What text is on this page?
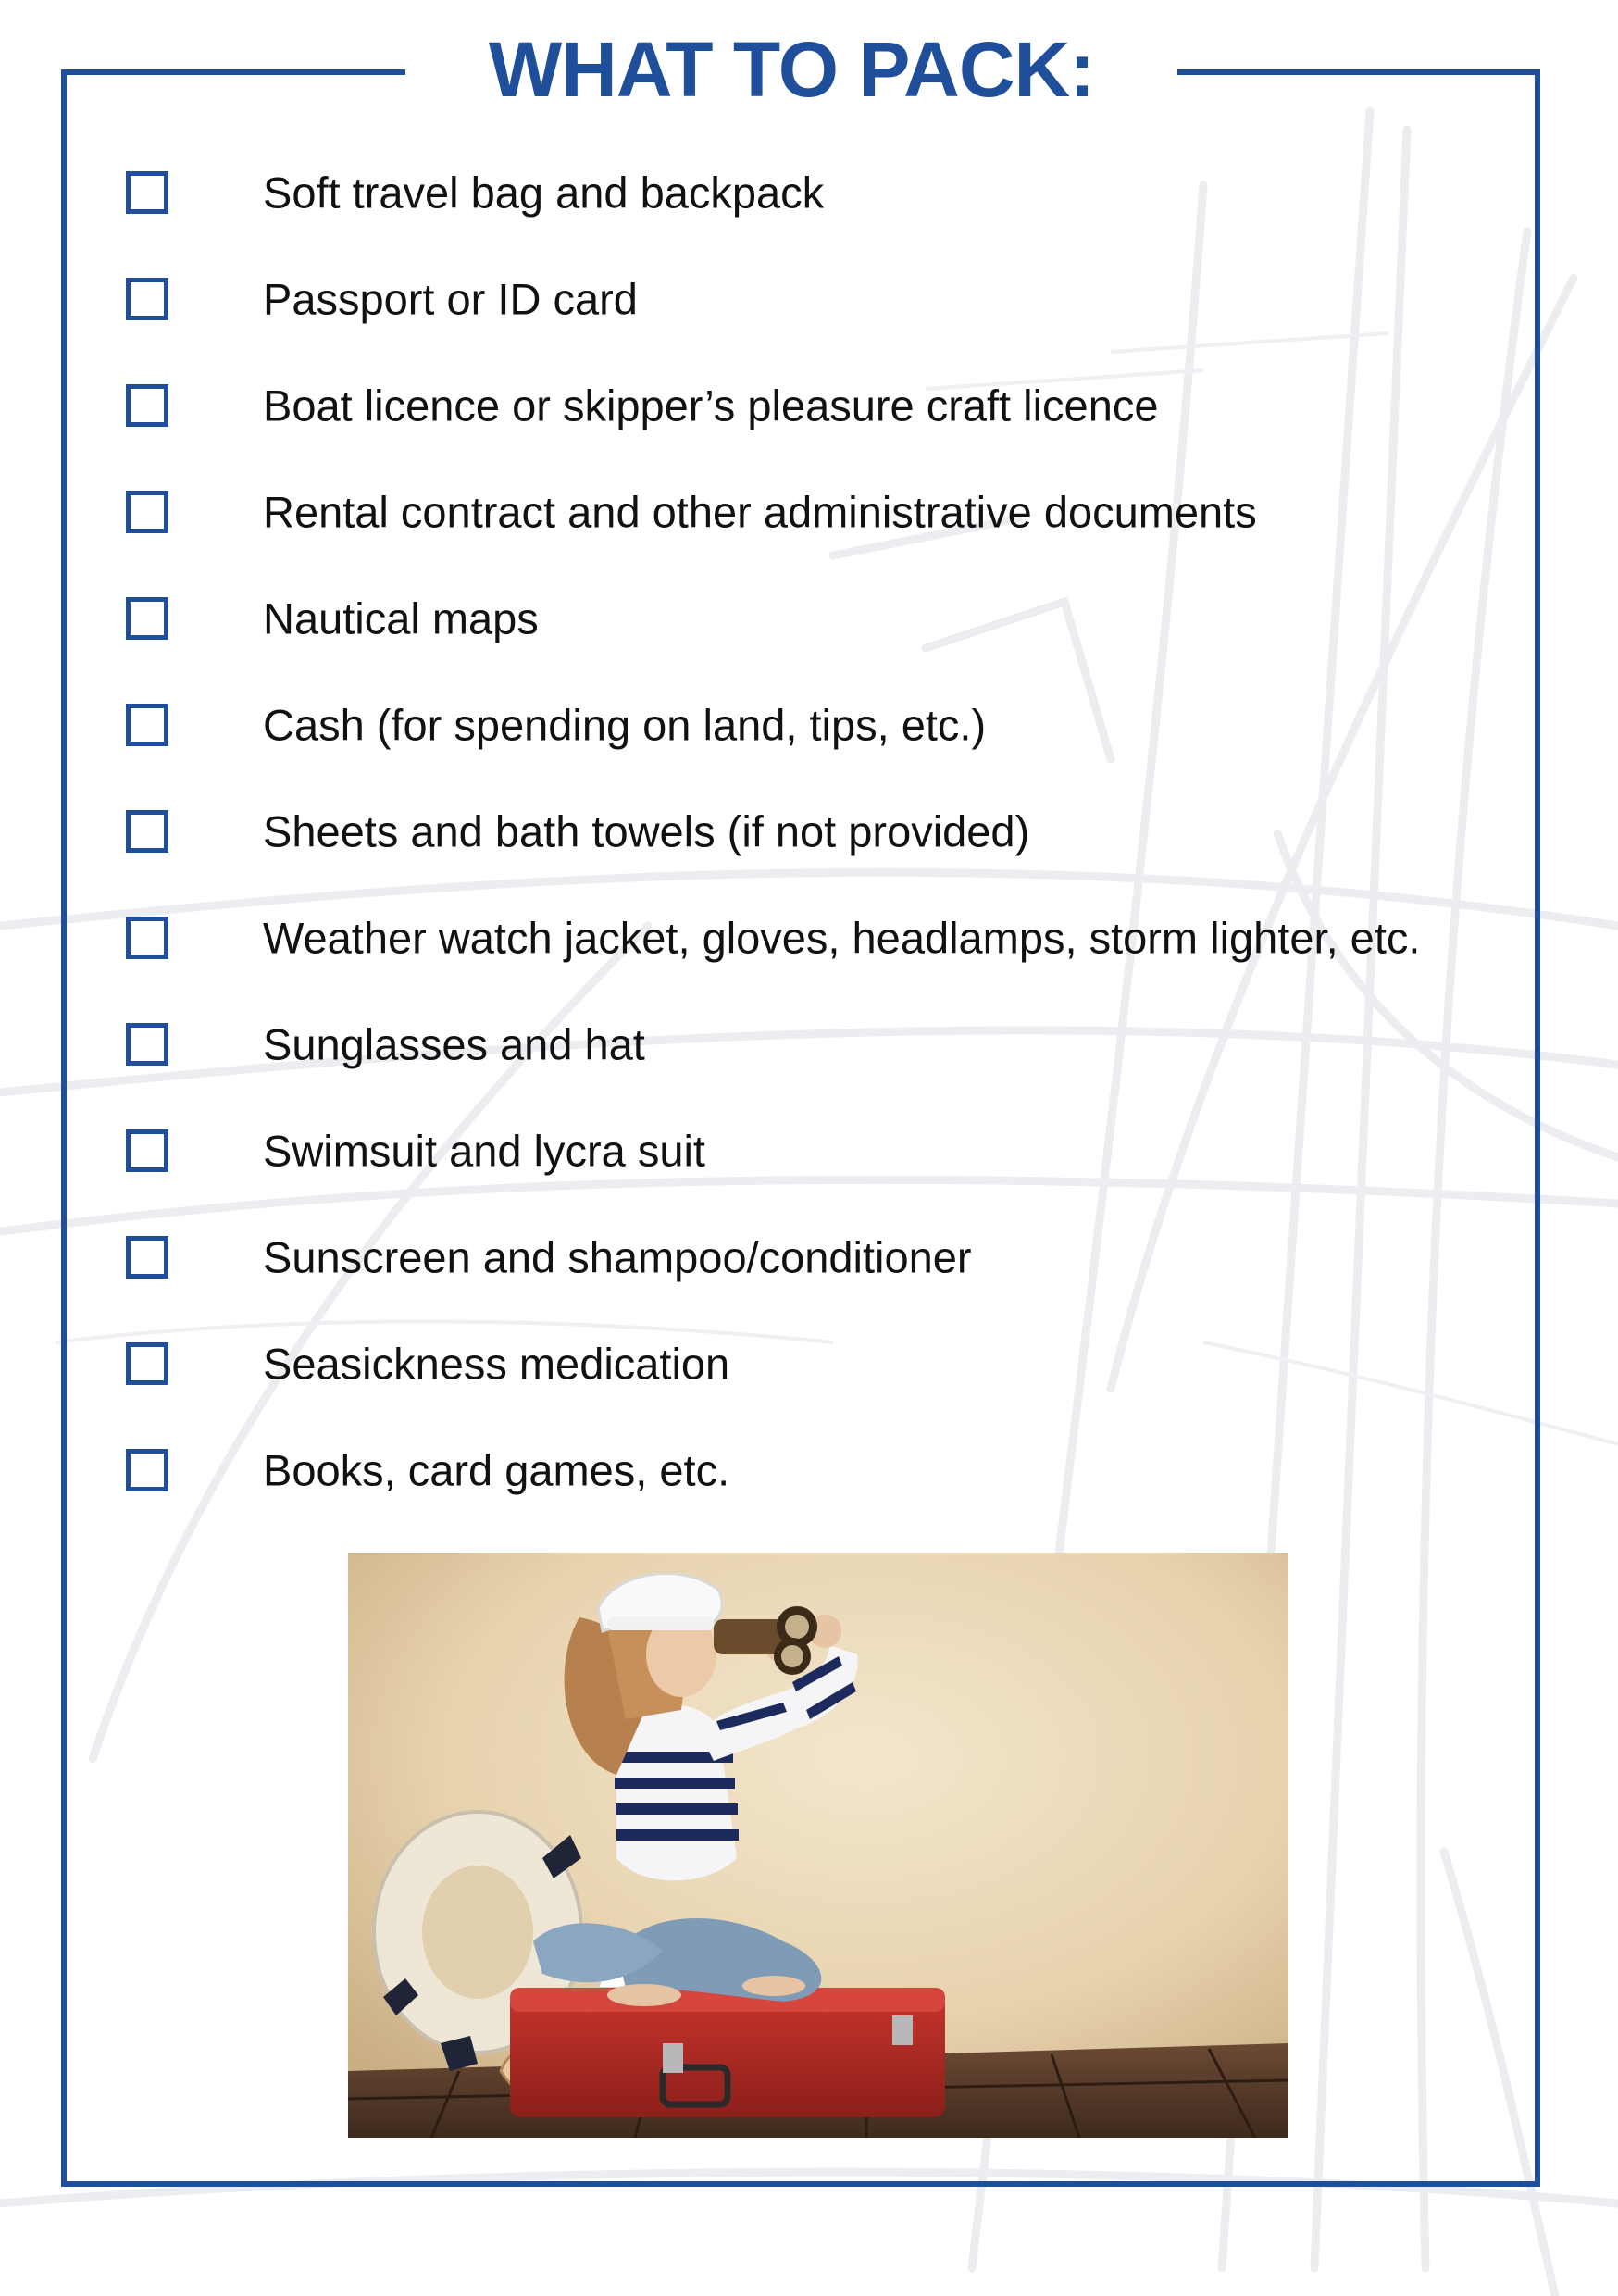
WHAT TO PACK:
Soft travel bag and backpack
Passport or ID card
Boat licence or skipper’s pleasure craft licence
Rental contract and other administrative documents
Nautical maps
Cash (for spending on land, tips, etc.)
Sheets and bath towels (if not provided)
Weather watch jacket, gloves, headlamps, storm lighter, etc.
Sunglasses and hat
Swimsuit and lycra suit
Sunscreen and shampoo/conditioner
Seasickness medication
Books, card games, etc.
